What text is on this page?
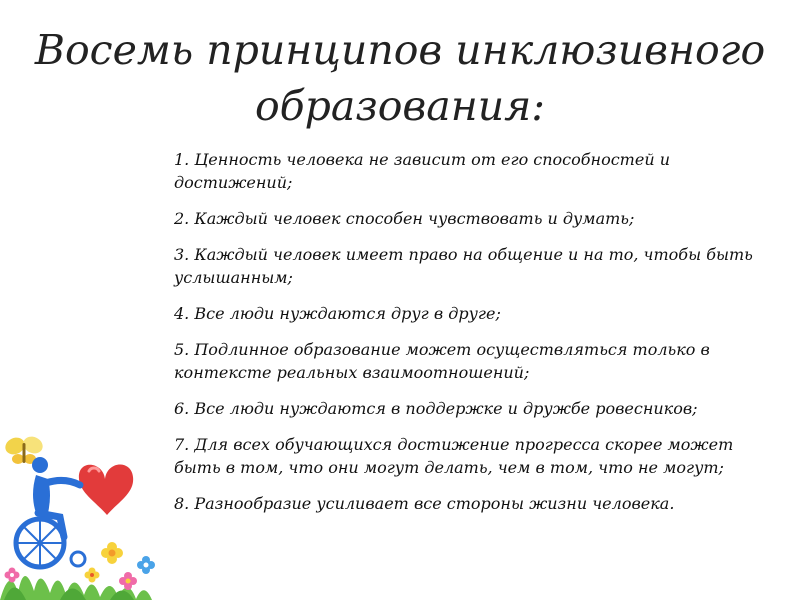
Восемь принципов инклюзивного
образования:
1. Ценность человека не зависит от его способностей и достижений;
2. Каждый человек способен чувствовать и думать;
3. Каждый человек имеет право на общение и на то, чтобы быть услышанным;
4. Все люди нуждаются друг в друге;
5. Подлинное образование может осуществляться только в контексте реальных взаимоотношений;
6. Все люди нуждаются в поддержке и дружбе ровесников;
7. Для всех обучающихся достижение прогресса скорее может быть в том, что они могут делать, чем в том, что не могут;
8. Разнообразие усиливает все стороны жизни человека.
